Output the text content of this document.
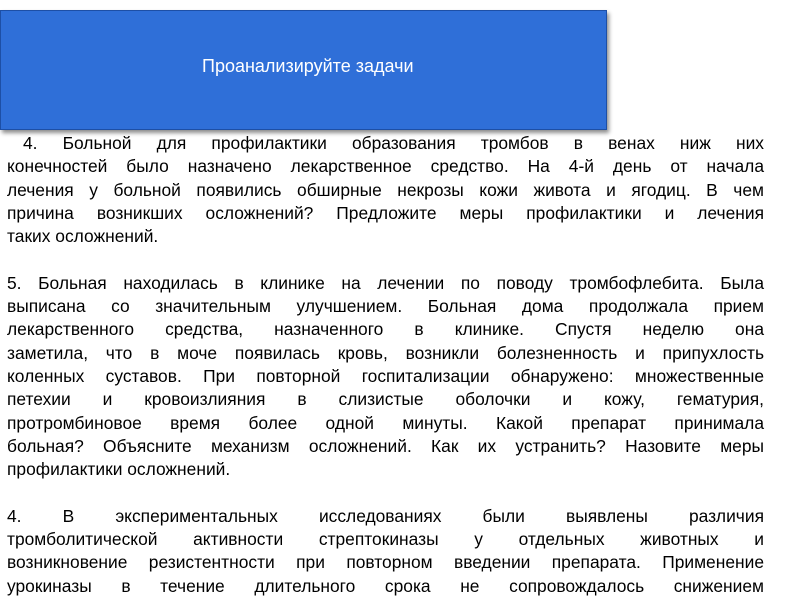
Проанализируйте задачи
4. Больной для профилактики образования тромбов в венах ниж них
конечностей было назначено лекарственное средство. На 4-й день от начала
лечения у больной появились обширные некрозы кожи живота и ягодиц. В чем
причина возникших осложнений? Предложите меры профилактики и лечения
таких осложнений.
5. Больная находилась в клинике на лечении по поводу тромбофлебита. Была
выписана со значительным улучшением. Больная дома продолжала прием
лекарственного средства, назначенного в клинике. Спустя неделю она
заметила, что в моче появилась кровь, возникли болезненность и припухлость
коленных суставов. При повторной госпитализации обнаружено: множественные
петехии и кровоизлияния в слизистые оболочки и кожу, гематурия,
протромбиновое время более одной минуты. Какой препарат принимала
больная? Объясните механизм осложнений. Как их устранить? Назовите меры
профилактики осложнений.
4. В экспериментальных исследованиях были выявлены различия
тромболитической активности стрептокиназы у отдельных животных и
возникновение резистентности при повторном введении препарата. Применение
урокиназы в течение длительного срока не сопровождалось снижением
